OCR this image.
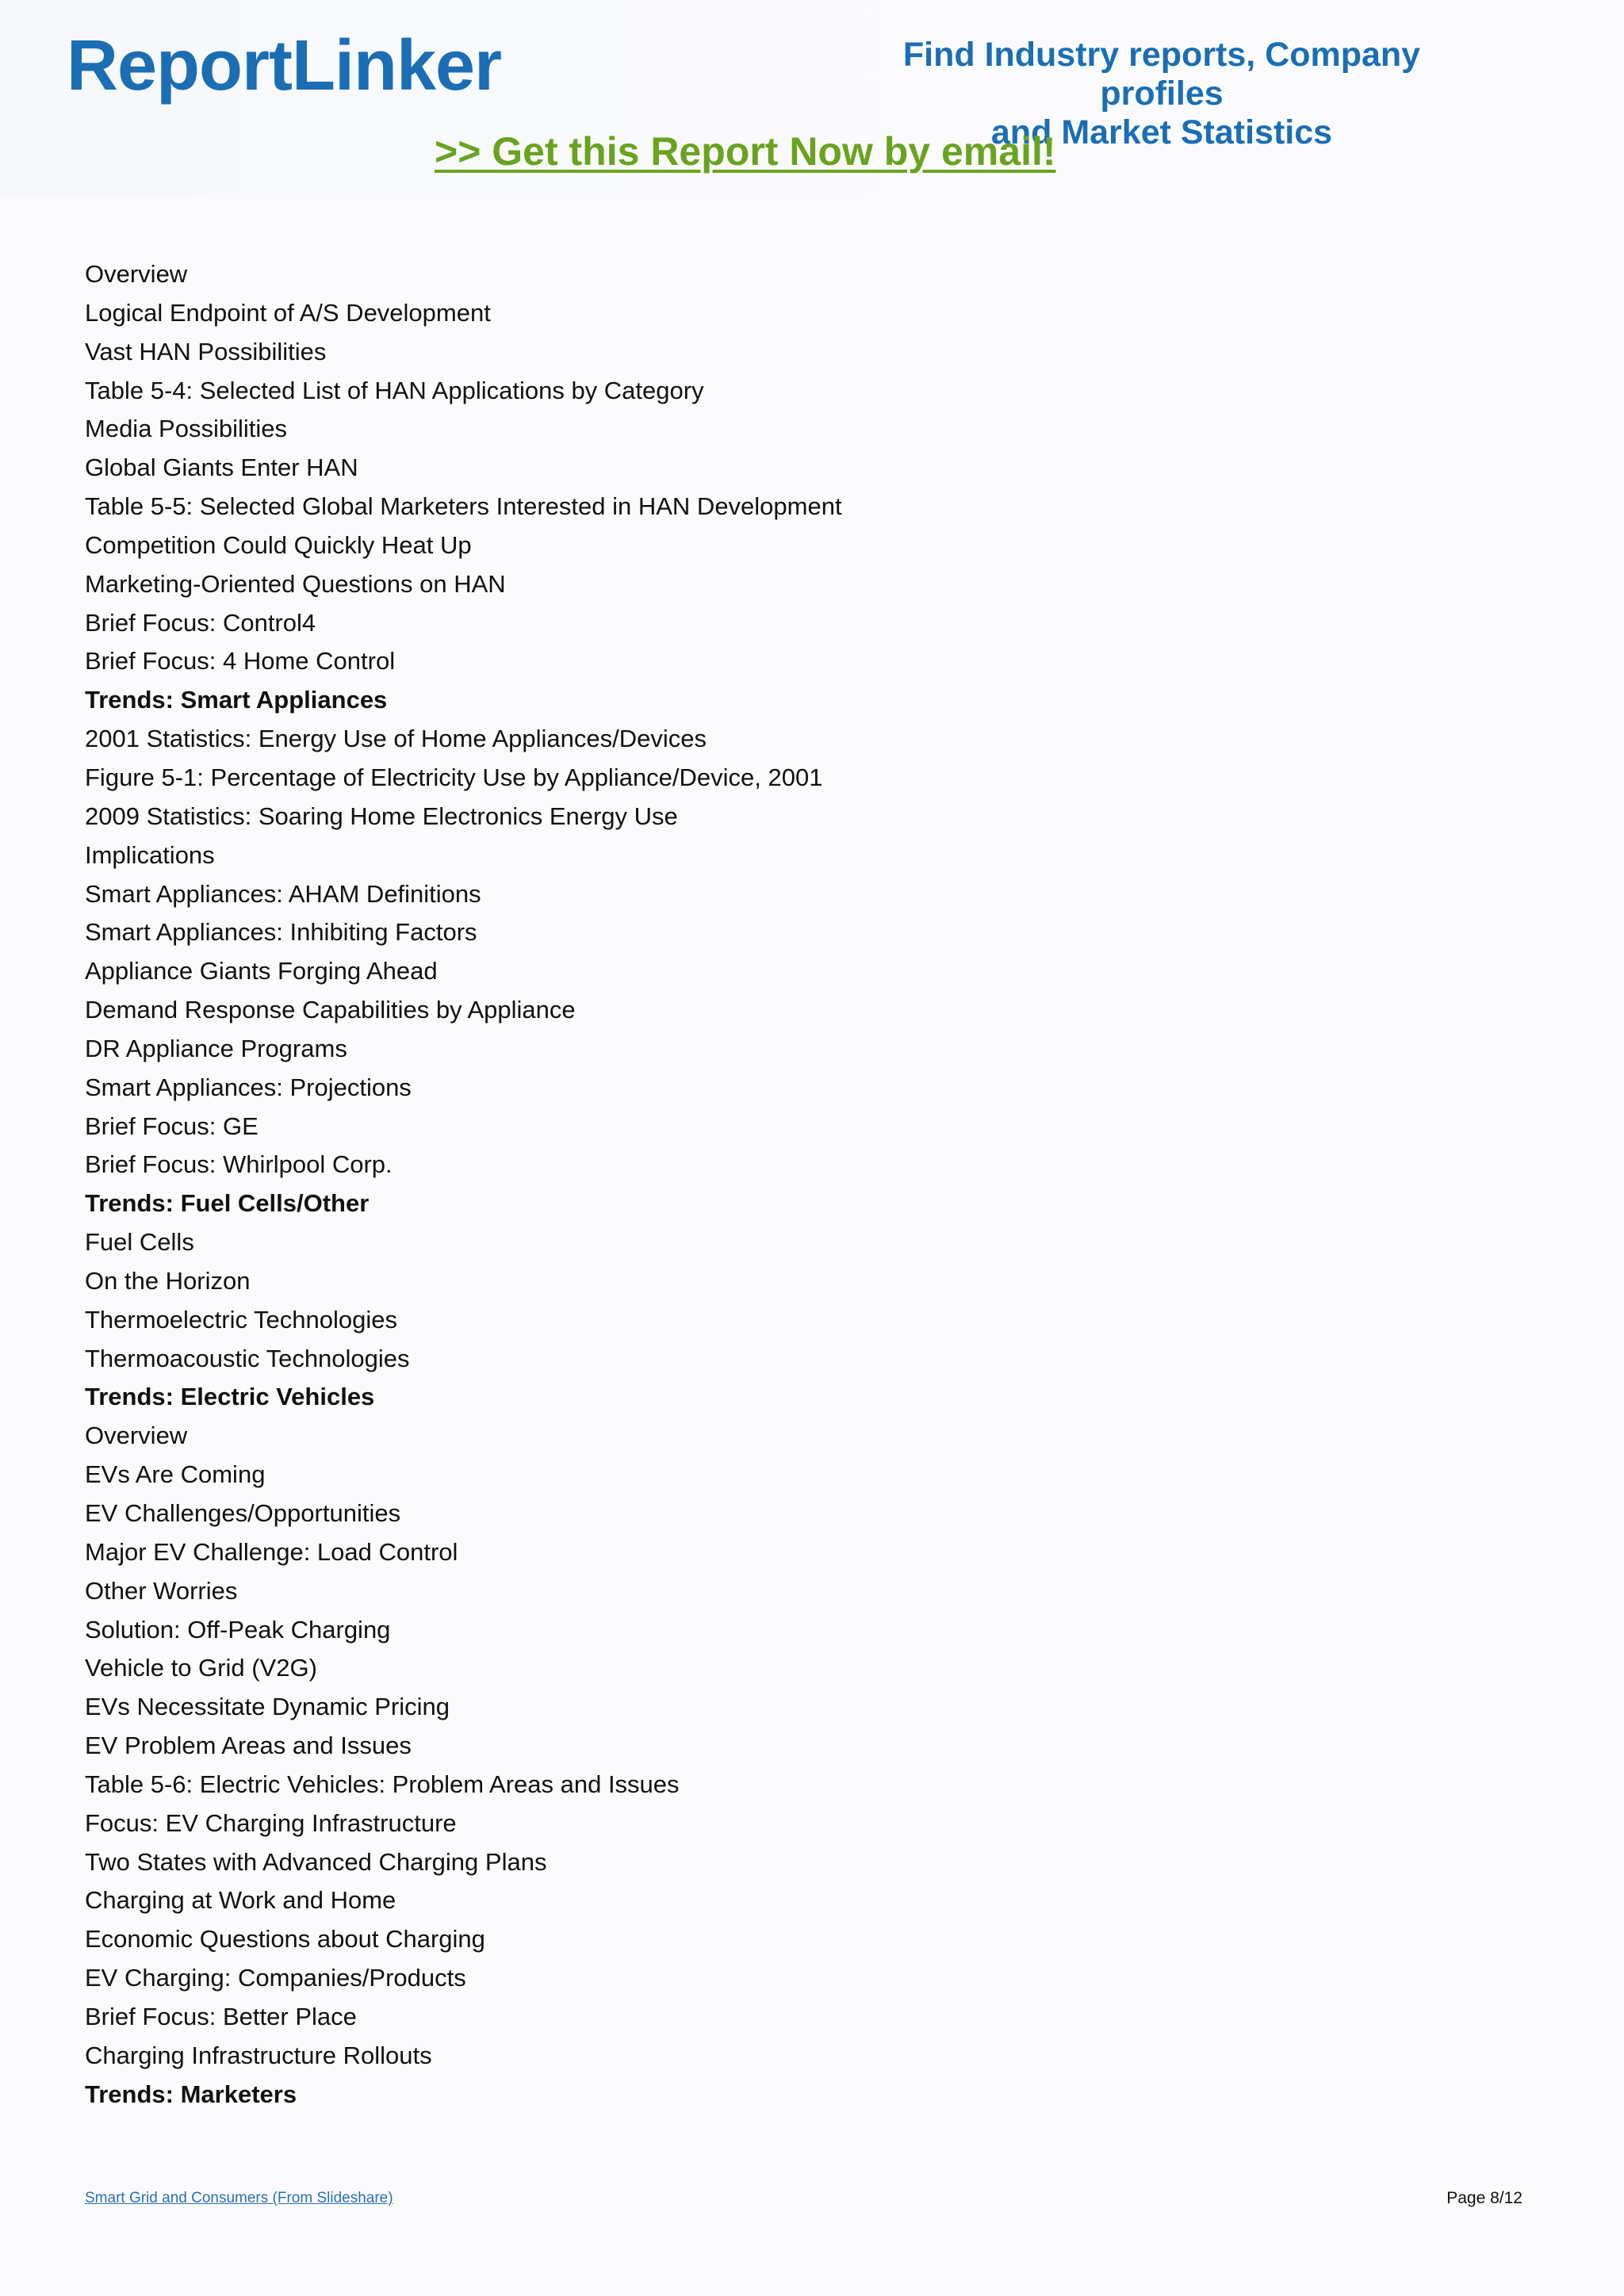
ReportLinker	Find Industry reports, Company profiles
and Market Statistics
>> Get this Report Now by email!
Overview
Logical Endpoint of A/S Development
Vast HAN Possibilities
Table 5-4: Selected List of HAN Applications by Category
Media Possibilities
Global Giants Enter HAN
Table 5-5: Selected Global Marketers Interested in HAN Development
Competition Could Quickly Heat Up
Marketing-Oriented Questions on HAN
Brief Focus: Control4
Brief Focus: 4 Home Control
Trends: Smart Appliances
2001 Statistics: Energy Use of Home Appliances/Devices
Figure 5-1: Percentage of Electricity Use by Appliance/Device, 2001
2009 Statistics: Soaring Home Electronics Energy Use
Implications
Smart Appliances: AHAM Definitions
Smart Appliances: Inhibiting Factors
Appliance Giants Forging Ahead
Demand Response Capabilities by Appliance
DR Appliance Programs
Smart Appliances: Projections
Brief Focus: GE
Brief Focus: Whirlpool Corp.
Trends: Fuel Cells/Other
Fuel Cells
On the Horizon
Thermoelectric Technologies
Thermoacoustic Technologies
Trends: Electric Vehicles
Overview
EVs Are Coming
EV Challenges/Opportunities
Major EV Challenge: Load Control
Other Worries
Solution: Off-Peak Charging
Vehicle to Grid (V2G)
EVs Necessitate Dynamic Pricing
EV Problem Areas and Issues
Table 5-6: Electric Vehicles: Problem Areas and Issues
Focus: EV Charging Infrastructure
Two States with Advanced Charging Plans
Charging at Work and Home
Economic Questions about Charging
EV Charging: Companies/Products
Brief Focus: Better Place
Charging Infrastructure Rollouts
Trends: Marketers
Smart Grid and Consumers (From Slideshare)	Page 8/12
